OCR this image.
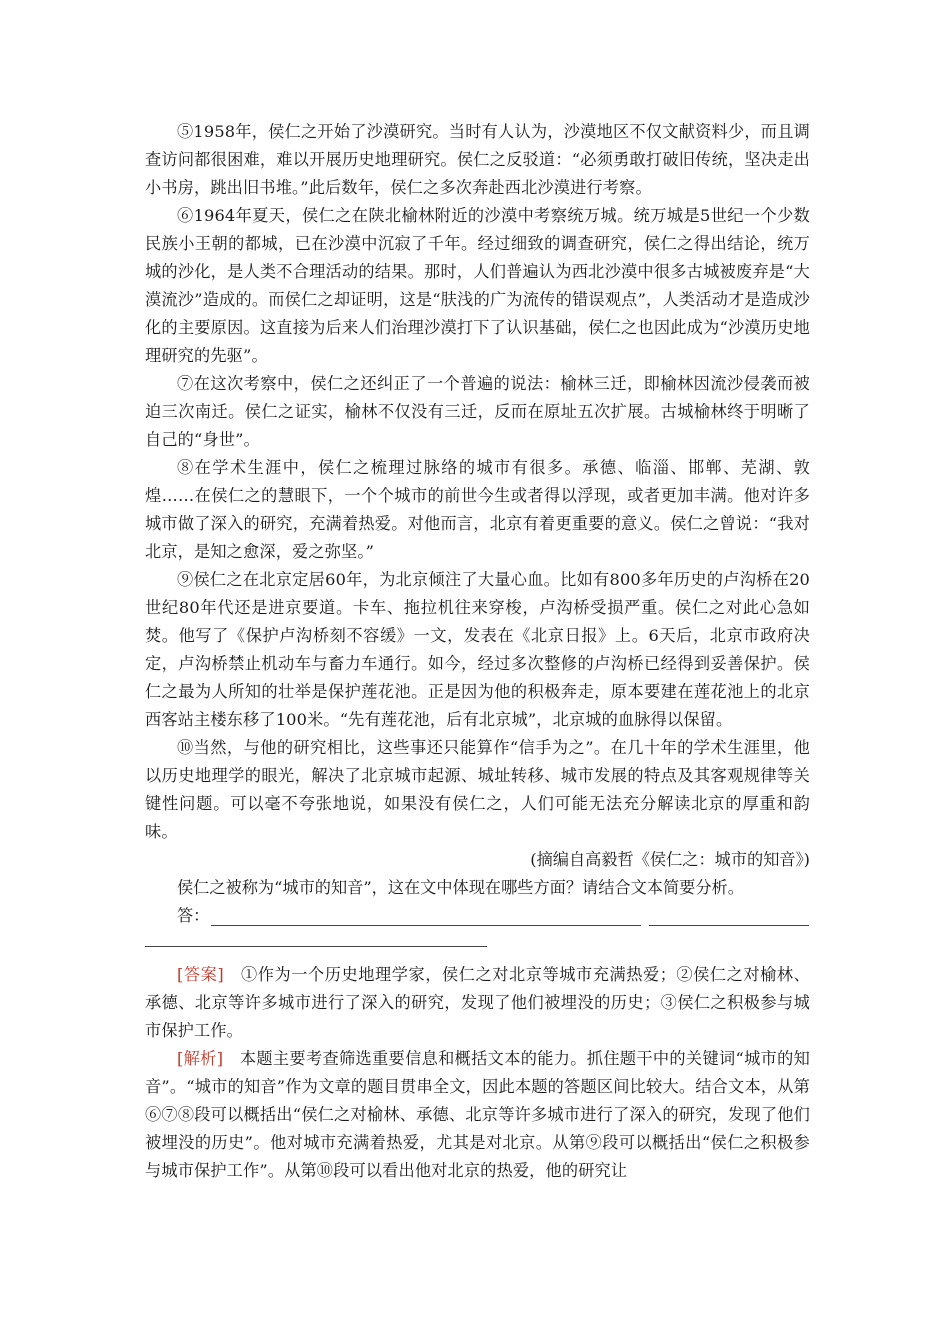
⑤1958年，侯仁之开始了沙漠研究。当时有人认为，沙漠地区不仅文献资料少，而且调查访问都很困难，难以开展历史地理研究。侯仁之反驳道：“必须勇敢打破旧传统，坚决走出小书房，跳出旧书堆。”此后数年，侯仁之多次奔赴西北沙漠进行考察。

⑥1964年夏天，侯仁之在陕北榆林附近的沙漠中考察统万城。统万城是5世纪一个少数民族小王朝的都城，已在沙漠中沉寂了千年。经过细致的调查研究，侯仁之得出结论，统万城的沙化，是人类不合理活动的结果。那时，人们普遍认为西北沙漠中很多古城被废弃是“大漠流沙”造成的。而侯仁之却证明，这是“肤浅的广为流传的错误观点”，人类活动才是造成沙化的主要原因。这直接为后来人们治理沙漠打下了认识基础，侯仁之也因此成为“沙漠历史地理研究的先驱”。

⑦在这次考察中，侯仁之还纠正了一个普遍的说法：榆林三迁，即榆林因流沙侵袭而被迫三次南迁。侯仁之证实，榆林不仅没有三迁，反而在原址五次扩展。古城榆林终于明晰了自己的“身世”。

⑧在学术生涯中，侯仁之梳理过脉络的城市有很多。承德、临淄、邯郸、芜湖、敦煌……在侯仁之的慧眼下，一个个城市的前世今生或者得以浮现，或者更加丰满。他对许多城市做了深入的研究，充满着热爱。对他而言，北京有着更重要的意义。侯仁之曾说：“我对北京，是知之愈深，爱之弥坚。”

⑨侯仁之在北京定居60年，为北京倾注了大量心血。比如有800多年历史的卢沟桥在20世纪80年代还是进京要道。卡车、拖拉机往来穿梭，卢沟桥受损严重。侯仁之对此心急如焚。他写了《保护卢沟桥刻不容缓》一文，发表在《北京日报》上。6天后，北京市政府决定，卢沟桥禁止机动车与畜力车通行。如今，经过多次整修的卢沟桥已经得到妥善保护。侯仁之最为人所知的壮举是保护莲花池。正是因为他的积极奔走，原本要建在莲花池上的北京西客站主楼东移了100米。“先有莲花池，后有北京城”，北京城的血脉得以保留。

⑩当然，与他的研究相比，这些事还只能算作“信手为之”。在几十年的学术生涯里，他以历史地理学的眼光，解决了北京城市起源、城址转移、城市发展的特点及其客观规律等关键性问题。可以毫不夸张地说，如果没有侯仁之，人们可能无法充分解读北京的厚重和韵味。

(摘编自高毅哲《侯仁之：城市的知音》)

侯仁之被称为“城市的知音”，这在文中体现在哪些方面？请结合文本简要分析。

答：

[答案]　 ①作为一个历史地理学家，侯仁之对北京等城市充满热爱；②侯仁之对榆林、承德、北京等许多城市进行了深入的研究，发现了他们被埋没的历史；③侯仁之积极参与城市保护工作。

[解析]　 本题主要考查筛选重要信息和概括文本的能力。抓住题干中的关键词“城市的知音”。“城市的知音”作为文章的题目贯串全文，因此本题的答题区间比较大。结合文本，从第⑥⑦⑧段可以概括出“侯仁之对榆林、承德、北京等许多城市进行了深入的研究，发现了他们被埋没的历史”。他对城市充满着热爱，尤其是对北京。从第⑨段可以概括出“侯仁之积极参与城市保护工作”。从第⑩段可以看出他对北京的热爱，他的研究让
